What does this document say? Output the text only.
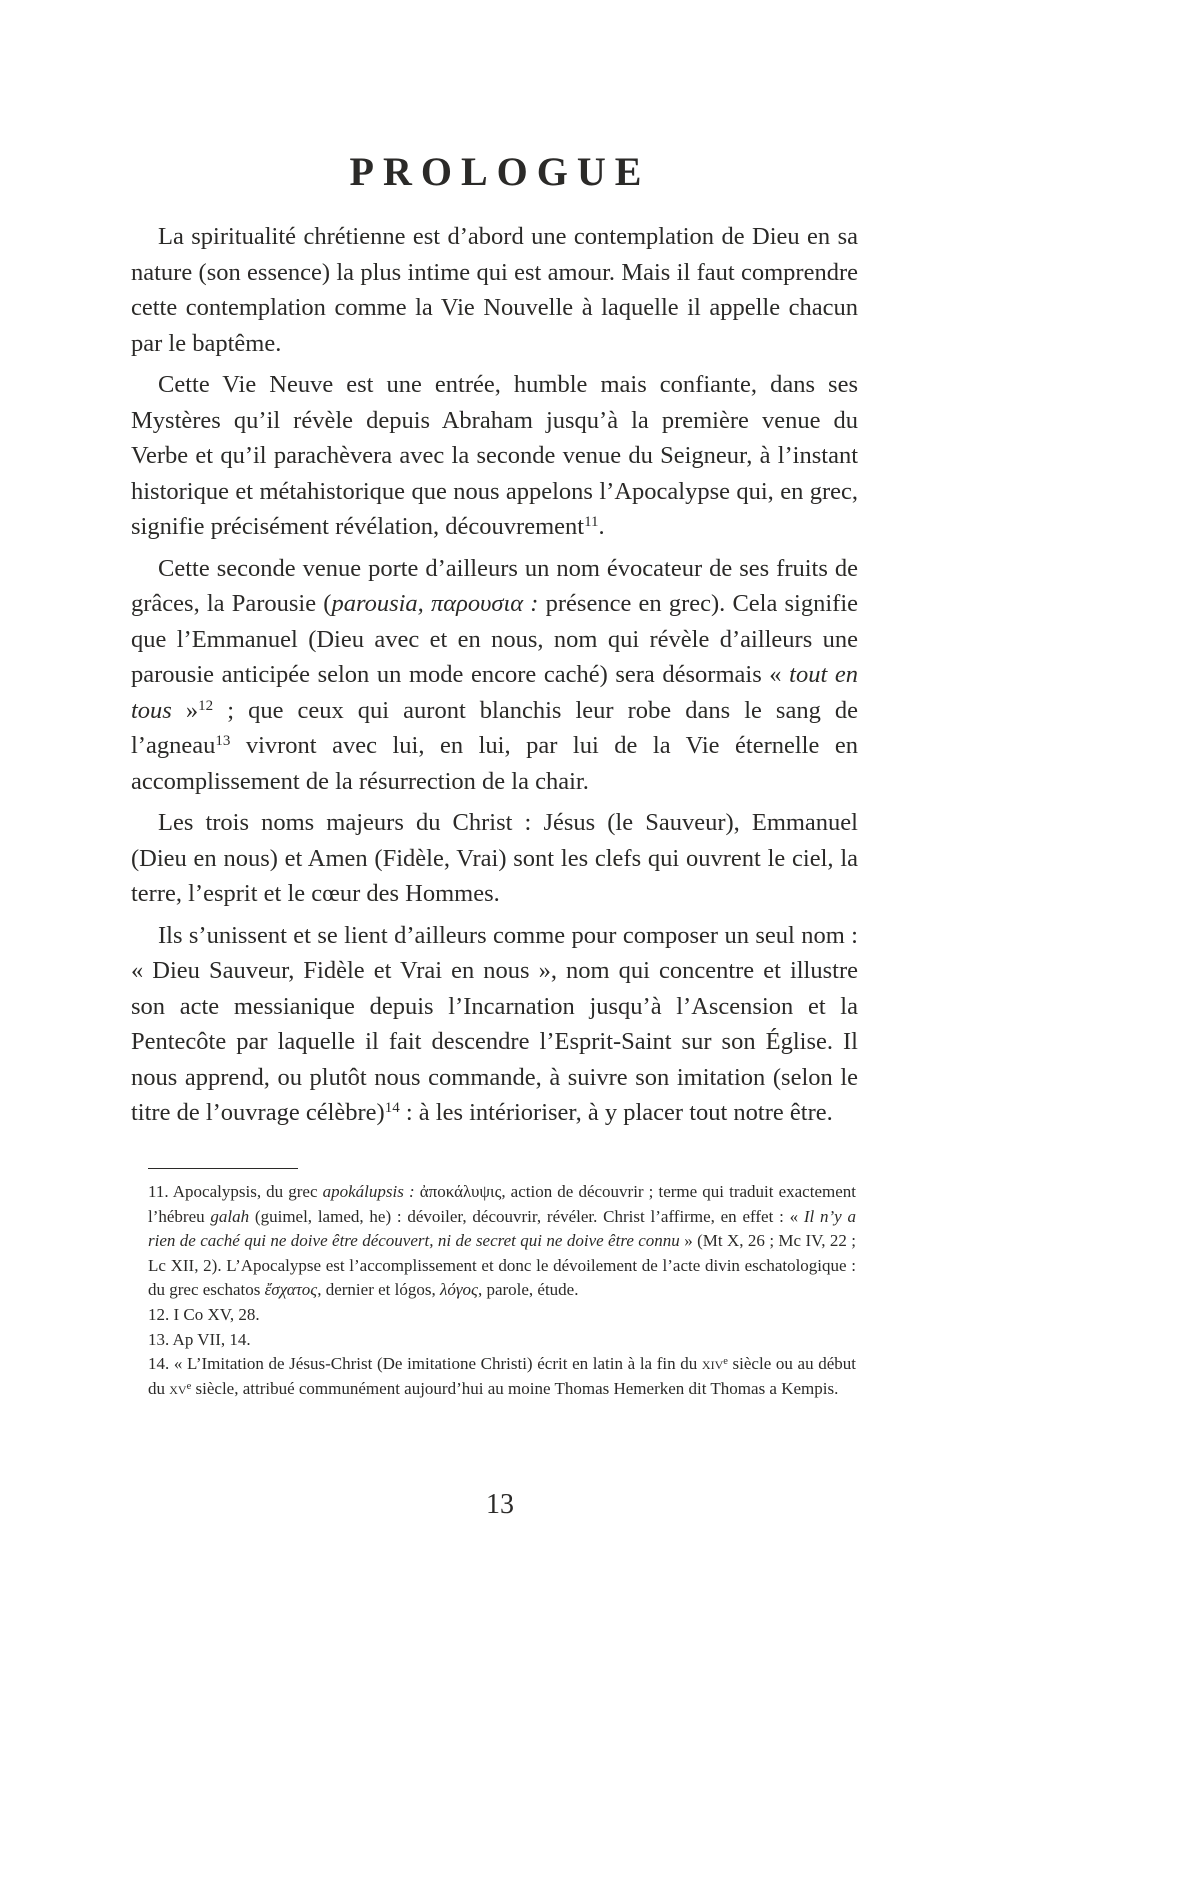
PROLOGUE

La spiritualité chrétienne est d’abord une contemplation de Dieu en sa nature (son essence) la plus intime qui est amour. Mais il faut comprendre cette contemplation comme la Vie Nouvelle à laquelle il appelle chacun par le baptême.

Cette Vie Neuve est une entrée, humble mais confiante, dans ses Mystères qu’il révèle depuis Abraham jusqu’à la première venue du Verbe et qu’il parachèvera avec la seconde venue du Seigneur, à l’instant historique et métahistorique que nous appelons l’Apocalypse qui, en grec, signifie précisément révélation, découvrement$^{11}$.

Cette seconde venue porte d’ailleurs un nom évocateur de ses fruits de grâces, la Parousie (parousia, παρουσια : présence en grec). Cela signifie que l’Emmanuel (Dieu avec et en nous, nom qui révèle d’ailleurs une parousie anticipée selon un mode encore caché) sera désormais « tout en tous »$^{12}$ ; que ceux qui auront blanchis leur robe dans le sang de l’agneau$^{13}$ vivront avec lui, en lui, par lui de la Vie éternelle en accomplissement de la résurrection de la chair.

Les trois noms majeurs du Christ : Jésus (le Sauveur), Emmanuel (Dieu en nous) et Amen (Fidèle, Vrai) sont les clefs qui ouvrent le ciel, la terre, l’esprit et le cœur des Hommes.

Ils s’unissent et se lient d’ailleurs comme pour composer un seul nom : « Dieu Sauveur, Fidèle et Vrai en nous », nom qui concentre et illustre son acte messianique depuis l’Incarnation jusqu’à l’Ascension et la Pentecôte par laquelle il fait descendre l’Esprit-Saint sur son Église. Il nous apprend, ou plutôt nous commande, à suivre son imitation (selon le titre de l’ouvrage célèbre)$^{14}$ : à les intérioriser, à y placer tout notre être.

11. Apocalypsis, du grec apokálupsis : ἀποκάλυψις, action de découvrir ; terme qui traduit exactement l’hébreu galah (guimel, lamed, he) : dévoiler, découvrir, révéler. Christ l’affirme, en effet : « Il n’y a rien de caché qui ne doive être découvert, ni de secret qui ne doive être connu » (Mt X, 26 ; Mc IV, 22 ; Lc XII, 2). L’Apocalypse est l’accomplissement et donc le dévoilement de l’acte divin eschatologique : du grec eschatos ἔσχατος, dernier et lógos, λόγος, parole, étude.

12. I Co XV, 28.

13. Ap VII, 14.

14. « L’Imitation de Jésus-Christ (De imitatione Christi) écrit en latin à la fin du xiv$^e$ siècle ou au début du $xv^e$ siècle, attribué communément aujourd’hui au moine Thomas Hemerken dit Thomas a Kempis.

13
